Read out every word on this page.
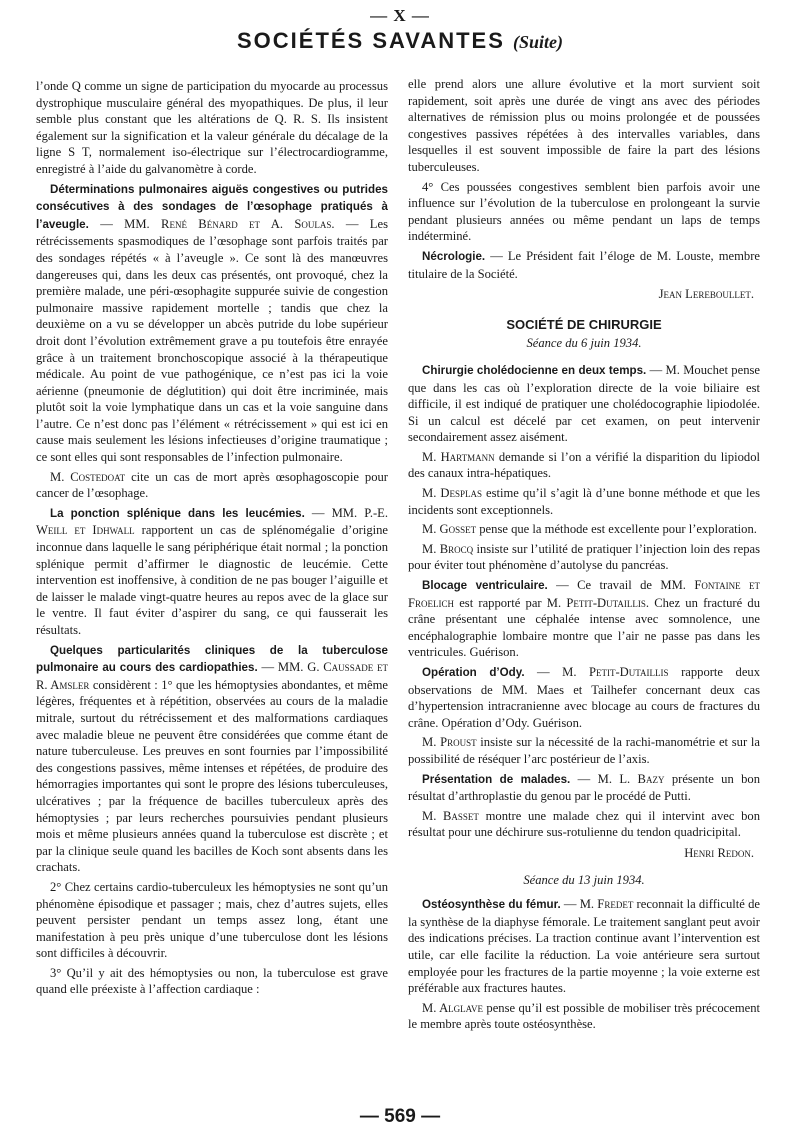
— X —
SOCIÉTÉS SAVANTES (Suite)

l’onde Q comme un signe de participation du myocarde au processus dystrophique musculaire général des myopathiques. De plus, il leur semble plus constant que les altérations de Q. R. S. Ils insistent également sur la signification et la valeur générale du décalage de la ligne S T, normalement iso-électrique sur l’électrocardiogramme, enregistré à l’aide du galvanomètre à corde.

Déterminations pulmonaires aiguës congestives ou putrides consécutives à des sondages de l’œsophage pratiqués à l’aveugle. — MM. René Bénard et A. Soulas. — Les rétrécissements spasmodiques de l’œsophage sont parfois traités par des sondages répétés « à l’aveugle ». Ce sont là des manœuvres dangereuses qui, dans les deux cas présentés, ont provoqué, chez la première malade, une péri-œsophagite suppurée suivie de congestion pulmonaire massive rapidement mortelle ; tandis que chez la deuxième on a vu se développer un abcès putride du lobe supérieur droit dont l’évolution extrêmement grave a pu toutefois être enrayée grâce à un traitement bronchoscopique associé à la thérapeutique médicale. Au point de vue pathogénique, ce n’est pas ici la voie aérienne (pneumonie de déglutition) qui doit être incriminée, mais plutôt soit la voie lymphatique dans un cas et la voie sanguine dans l’autre. Ce n’est donc pas l’élément « rétrécissement » qui est ici en cause mais seulement les lésions infectieuses d’origine traumatique ; ce sont elles qui sont responsables de l’infection pulmonaire.

M. Costedoat cite un cas de mort après œsophagoscopie pour cancer de l’œsophage.

La ponction splénique dans les leucémies. — MM. P.-E. Weill et Idhwall rapportent un cas de splénomégalie d’origine inconnue dans laquelle le sang périphérique était normal ; la ponction splénique permit d’affirmer le diagnostic de leucémie. Cette intervention est inoffensive, à condition de ne pas bouger l’aiguille et de laisser le malade vingt-quatre heures au repos avec de la glace sur le ventre. Il faut éviter d’aspirer du sang, ce qui fausserait les résultats.

Quelques particularités cliniques de la tuberculose pulmonaire au cours des cardiopathies. — MM. G. Caussade et R. Amsler considèrent : 1° que les hémoptysies abondantes, et même légères, fréquentes et à répétition, observées au cours de la maladie mitrale, surtout du rétrécissement et des malformations cardiaques avec maladie bleue ne peuvent être considérées que comme étant de nature tuberculeuse. Les preuves en sont fournies par l’impossibilité des congestions passives, même intenses et répétées, de produire des hémorragies importantes qui sont le propre des lésions tuberculeuses, ulcératives ; par la fréquence de bacilles tuberculeux après des hémoptysies ; par leurs recherches poursuivies pendant plusieurs mois et même plusieurs années quand la tuberculose est discrète ; et par la clinique seule quand les bacilles de Koch sont absents dans les crachats.

2° Chez certains cardio-tuberculeux les hémoptysies ne sont qu’un phénomène épisodique et passager ; mais, chez d’autres sujets, elles peuvent persister pendant un temps assez long, étant une manifestation à peu près unique d’une tuberculose dont les lésions sont difficiles à découvrir.

3° Qu’il y ait des hémoptysies ou non, la tuberculose est grave quand elle préexiste à l’affection cardiaque :

elle prend alors une allure évolutive et la mort survient soit rapidement, soit après une durée de vingt ans avec des périodes alternatives de rémission plus ou moins prolongée et de poussées congestives passives répétées à des intervalles variables, dans lesquelles il est souvent impossible de faire la part des lésions tuberculeuses.

4° Ces poussées congestives semblent bien parfois avoir une influence sur l’évolution de la tuberculose en prolongeant la survie pendant plusieurs années ou même pendant un laps de temps indéterminé.

Nécrologie. — Le Président fait l’éloge de M. Louste, membre titulaire de la Société.

Jean Lereboullet.
SOCIÉTÉ DE CHIRURGIE
Séance du 6 juin 1934.

Chirurgie cholédocienne en deux temps. — M. Mouchet pense que dans les cas où l’exploration directe de la voie biliaire est difficile, il est indiqué de pratiquer une cholédocographie lipiodolée. Si un calcul est décelé par cet examen, on peut intervenir secondairement assez aisément.

M. Hartmann demande si l’on a vérifié la disparition du lipiodol des canaux intra-hépatiques.

M. Desplas estime qu’il s’agit là d’une bonne méthode et que les incidents sont exceptionnels.

M. Gosset pense que la méthode est excellente pour l’exploration.

M. Brocq insiste sur l’utilité de pratiquer l’injection loin des repas pour éviter tout phénomène d’autolyse du pancréas.

Blocage ventriculaire. — Ce travail de MM. Fontaine et Froelich est rapporté par M. Petit-Dutaillis. Chez un fracturé du crâne présentant une céphalée intense avec somnolence, une encéphalographie lombaire montre que l’air ne passe pas dans les ventricules. Guérison.

Opération d’Ody. — M. Petit-Dutaillis rapporte deux observations de MM. Maes et Tailhefer concernant deux cas d’hypertension intracranienne avec blocage au cours de fractures du crâne. Opération d’Ody. Guérison.

M. Proust insiste sur la nécessité de la rachi-manométrie et sur la possibilité de réséquer l’arc postérieur de l’axis.

Présentation de malades. — M. L. Bazy présente un bon résultat d’arthroplastie du genou par le procédé de Putti.

M. Basset montre une malade chez qui il intervint avec bon résultat pour une déchirure sus-rotulienne du tendon quadricipital.

Henri Redon.
Séance du 13 juin 1934.

Ostéosynthèse du fémur. — M. Fredet reconnait la difficulté de la synthèse de la diaphyse fémorale. Le traitement sanglant peut avoir des indications précises. La traction continue avant l’intervention est utile, car elle facilite la réduction. La voie antérieure sera surtout employée pour les fractures de la partie moyenne ; la voie externe est préférable aux fractures hautes.

M. Alglave pense qu’il est possible de mobiliser très précocement le membre après toute ostéosynthèse.

— 569 —
